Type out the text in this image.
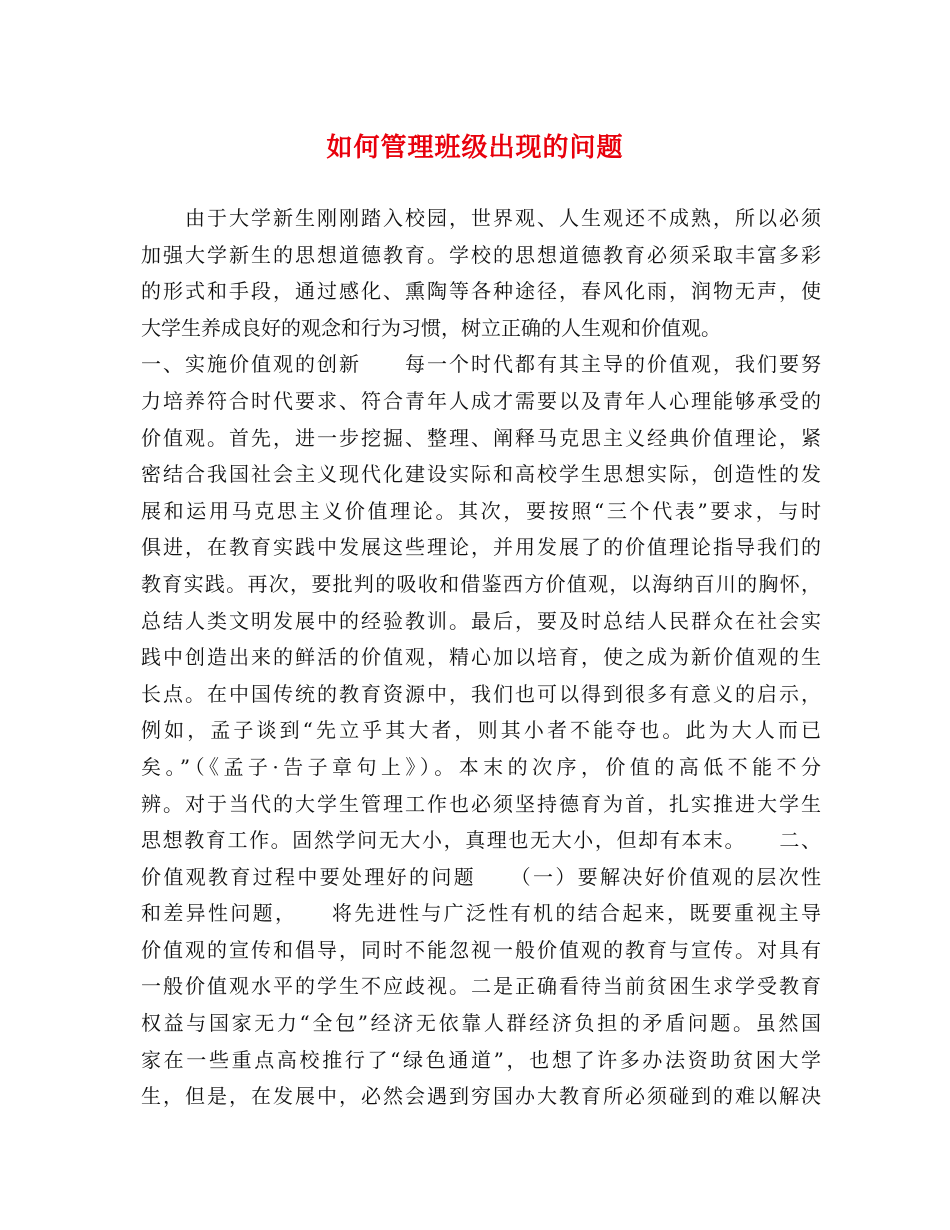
如何管理班级出现的问题
　　由于大学新生刚刚踏入校园，世界观、人生观还不成熟，所以必须
加强大学新生的思想道德教育。学校的思想道德教育必须采取丰富多彩
的形式和手段，通过感化、熏陶等各种途径，春风化雨，润物无声，使
大学生养成良好的观念和行为习惯，树立正确的人生观和价值观。
一、实施价值观的创新　　每一个时代都有其主导的价值观，我们要努
力培养符合时代要求、符合青年人成才需要以及青年人心理能够承受的
价值观。首先，进一步挖掘、整理、阐释马克思主义经典价值理论，紧
密结合我国社会主义现代化建设实际和高校学生思想实际，创造性的发
展和运用马克思主义价值理论。其次，要按照“三个代表”要求，与时
俱进，在教育实践中发展这些理论，并用发展了的价值理论指导我们的
教育实践。再次，要批判的吸收和借鉴西方价值观，以海纳百川的胸怀，
总结人类文明发展中的经验教训。最后，要及时总结人民群众在社会实
践中创造出来的鲜活的价值观，精心加以培育，使之成为新价值观的生
长点。在中国传统的教育资源中，我们也可以得到很多有意义的启示，
例如，孟子谈到“先立乎其大者，则其小者不能夺也。此为大人而已
矣。”（《孟子·告子章句上》）。本末的次序，价值的高低不能不分
辨。对于当代的大学生管理工作也必须坚持德育为首，扎实推进大学生
思想教育工作。固然学问无大小，真理也无大小，但却有本末。　　二、
价值观教育过程中要处理好的问题　　（一）要解决好价值观的层次性
和差异性问题，　　将先进性与广泛性有机的结合起来，既要重视主导
价值观的宣传和倡导，同时不能忽视一般价值观的教育与宣传。对具有
一般价值观水平的学生不应歧视。二是正确看待当前贫困生求学受教育
权益与国家无力“全包”经济无依靠人群经济负担的矛盾问题。虽然国
家在一些重点高校推行了“绿色通道”，也想了许多办法资助贫困大学
生，但是，在发展中，必然会遇到穷国办大教育所必须碰到的难以解决
